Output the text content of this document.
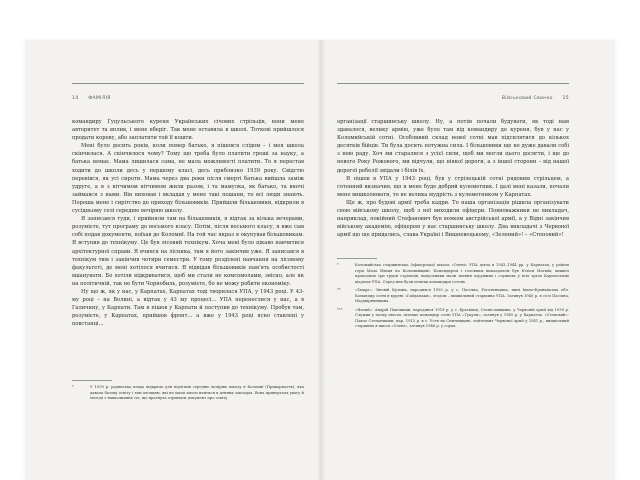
14 ФАМІЛІЯ

командиру Гуцульського куреня Українських січових стрільців, вони мене авторитет та вплив, і мене вберіг. Так мене оставила в школі. Тоткові прийшлося продати корову, або заплатити той її кошти.

Мені було досить років, коли помер батько, я пішовся слідом – і моя школа скінчилася. А скінчилося чому? Тому що треба було платити гроші за науку, а батька немає. Мама лишилася сама, не мала можливості платити. То я перестав ходити до школи десь у першому класі, десь приблизно 1939 року. Свідстю перевівся, як усі сироти. Мама через два роки після смерті батька вийшла заміж удруге, а я з вітчимом вітчимом жили разом, і та мамулка, як батько, та вночі займався з нами. Він виховав і вкладав у мене такі пошани, то всі люди знають. Пороша мене і сирітство до приходу більшовиків. Прийшли більшовики, відкрили в сусідньому селі середню вечірню школу.

Я записався туди, і прийняли там на більшовиків, я відтак за кілька вечорами, розумієте, тут програму до восьмого класу. Потім, після восьмого класу, я вже сам собі подав документи, поїхав до Коломиї. На той час якраз я окупував більшовикам. Я вступив до технікуму. Це був лісовий технікум. Хоча мені було цікаво навчитися архітектурної справи. Я вчився на лісника, там я його закінчив уже. Я записався в технікум тим і закінчив чотири семестри. У тому розділені навчання на лісовому факультеті, де мені хотілося вчитися. Я відвідав більшовиків пам’ять особистості вшанувати. Бо хотіли відкриватися, щоб ми стали не комсомолами, звісно, але як на політичній, так не бути Чорнобиль, розумієте, бо не можу робити економіку.

Ну що ж, як у нас, у Карпатах, Карпатах тоді творилася УПА, у 1943 році. У 43-му році – на Волині, а відтак у 43 му процесі... УПА перенеслися у нас, а в Галичину, у Карпати. Там я пішов у Карпати й поступив до технікуму. Пробув там, розумієте, у Карпатах, прийшов фронт... а вже у 1943 році ясно ставлені у повстанці...

*	У 1939 р. радянська влада відкрила для підлітків середню вечірню школу в Коломиї (Прикарпаття), яка давала базову освіту і тим хлопцям, які не мали змоги вчитися в денних закладах. Вона привертала увагу й молоді з навколишніх сіл, що прагнула отримати документ про освіту.
Військовий Свинко 15

організації старшинську школу. Ну, а потім почали будувати, як тоді нам здавалося, велику армію, уже було там від командиру до куреня, був у нас у Коломийській сотні. Особливий склад нової сотні мав підсилятися до кількох десятків бійців. Ти була досить потужна сила. І більшовики ще не дуже давали собі з нею раду. Хоч ми старалися з усієї сили, щоб ми могли цього досягти, і ще до нового Року Рожового, ми відчули, що ніякої дороги, а з іншої сторони – від нашої дорогої ребелії звідали і білів їх.

Я пішов в УПА у 1943 році, був у стрілецькій сотні рядовим стрільцем, а сотенний визначив, що я мене буде добрий кулеметник. І далі мені казали, почали мене вишколювати, то не велика мудрість з кулеметником у Карпатах.

Ще ж, про будові армії треба кадри. То наша організація рішила організувати свою військову школу, щоб з неї виходили офіцери. Повноважники не викладач, наприклад, покійний Стефанович був вояком австрійської армії, а у Відні закінчив військову академію, офіцером у нас старшинську школу. Два викладачі з Червоної армії що ще придались, слава Україні і Вишневецькому, «Зелений»! – «Степовий»!

*	Коломийська старшинська (офіцерська) школа «Олені» УПА діяла в 1943–1944 рр. у Карпатах, у районі гори Мала Ялиця на Коломийщині. Командиром і головним викладачем був Юліан Матвіїв, вишкіл проходили три групи стрільців; випускники мали звання хорунжих і служили у всіх трьох Карпатських відділах УПА. Серед них були пізніші командири сотень.
**	«Хмара»: Зіновій Кузмик, народився 1920 р. у с. Пасічна, Рогатинщина, нині Івано-Франківська обл. Командир сотні в курені «Гайдамаки», згодом – вишкільний старшина УПА. Загинув 1945 р. в селі Пасічна, Наддвірнянщина.
***	«Ясний»: Андрій Павлишин, народився 1918 р. у с. Братківці, Станіславщина, у Червоній армії від 1939 р. Служив у полку піхоти, пізніше командир сотні УПА «Гуцули», загинув у 1945 р. у Карпатах. «Степовий»: Павло Степанишин, нар. 1915 р. в с. Устя на Снятинщині, лейтенант Червоної армії у 1941 р., вишкільний старшина в школі «Олені», загинув 1946 р. у горах.
